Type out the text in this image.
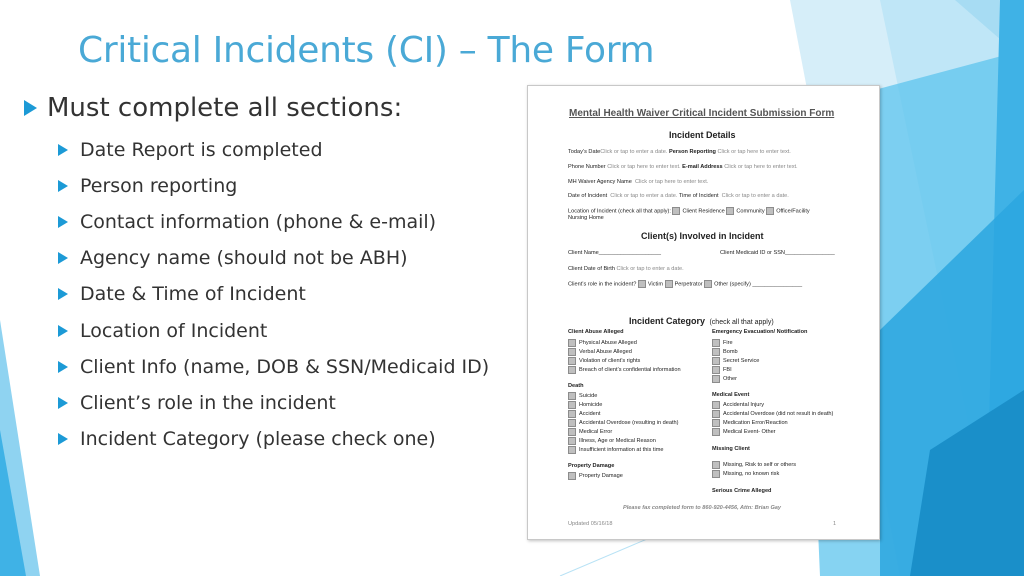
Critical Incidents (CI) – The Form
Must complete all sections:
Date Report is completed
Person reporting
Contact information (phone & e-mail)
Agency name (should not be ABH)
Date & Time of Incident
Location of Incident
Client Info (name, DOB & SSN/Medicaid ID)
Client’s role in the incident
Incident Category (please check one)
Mental Health Waiver Critical Incident Submission Form
Incident Details
Today’s DateClick or tap to enter a date. Person Reporting Click or tap here to enter text.
Phone Number Click or tap here to enter text. E-mail Address Click or tap here to enter text.
MH Waiver Agency Name Click or tap here to enter text.
Date of Incident Click or tap to enter a date. Time of Incident Click or tap to enter a date.
Location of Incident (check all that apply): Client Residence Community Office/Facility
Nursing Home
Client(s) Involved in Incident
Client Name____________________	Client Medicaid ID or SSN________________
Client Date of Birth Click or tap to enter a date.
Client’s role in the incident? Victim Perpetrator Other (specify) ________________
Incident Category (check all that apply)
Client Abuse Alleged
Physical Abuse Alleged
Verbal Abuse Alleged
Violation of client’s rights
Breach of client’s confidential information
Death
Suicide
Homicide
Accident
Accidental Overdose (resulting in death)
Medical Error
Illness, Age or Medical Reason
Insufficient information at this time
Property Damage
Property Damage
Emergency Evacuation/ Notification
Fire
Bomb
Secret Service
FBI
Other
Medical Event
Accidental Injury
Accidental Overdose (did not result in death)
Medication Error/Reaction
Medical Event- Other
Missing Client
Missing, Risk to self or others
Missing, no known risk
Serious Crime Alleged
Please fax completed form to 860-920-4456, Attn: Brian Gay
Updated 05/16/18	1
